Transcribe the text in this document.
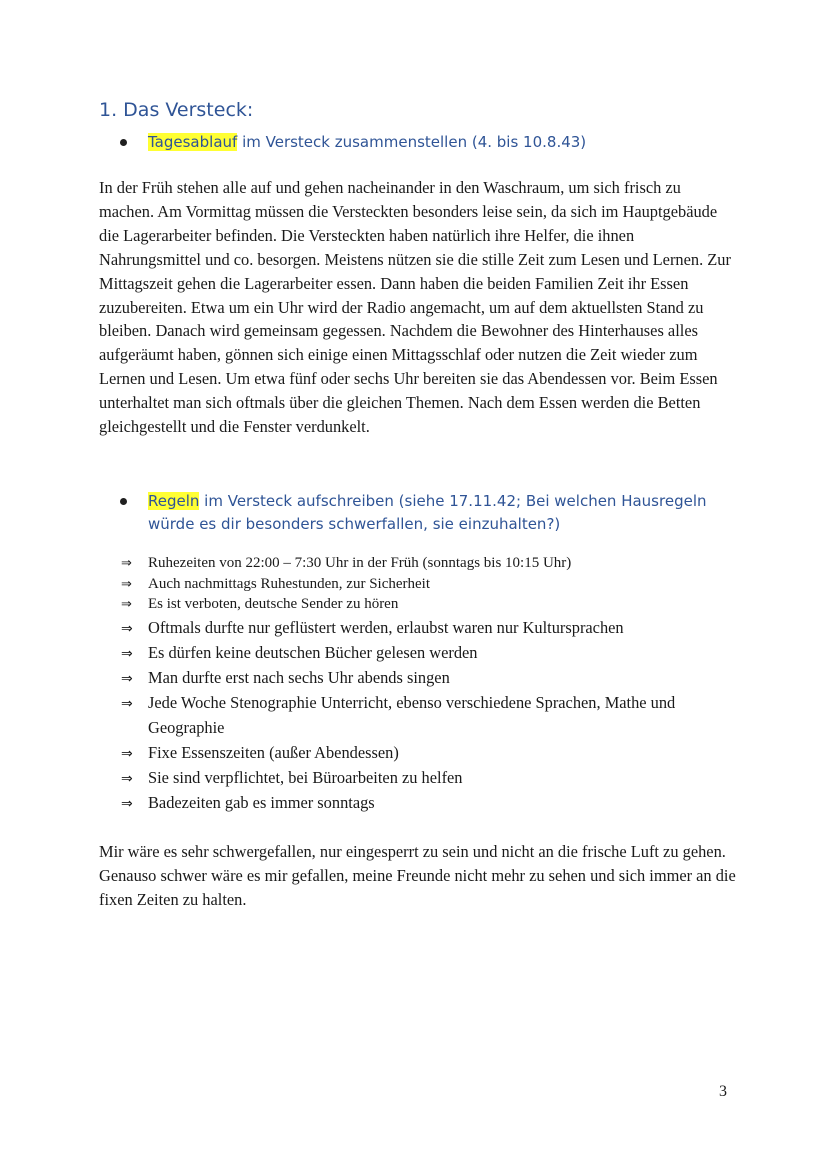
1. Das Versteck:
Tagesablauf im Versteck zusammenstellen (4. bis 10.8.43)

In der Früh stehen alle auf und gehen nacheinander in den Waschraum, um sich frisch zu machen. Am Vormittag müssen die Versteckten besonders leise sein, da sich im Hauptgebäude die Lagerarbeiter befinden. Die Versteckten haben natürlich ihre Helfer, die ihnen Nahrungsmittel und co. besorgen. Meistens nützen sie die stille Zeit zum Lesen und Lernen. Zur Mittagszeit gehen die Lagerarbeiter essen. Dann haben die beiden Familien Zeit ihr Essen zuzubereiten. Etwa um ein Uhr wird der Radio angemacht, um auf dem aktuellsten Stand zu bleiben. Danach wird gemeinsam gegessen. Nachdem die Bewohner des Hinterhauses alles aufgeräumt haben, gönnen sich einige einen Mittagsschlaf oder nutzen die Zeit wieder zum Lernen und Lesen. Um etwa fünf oder sechs Uhr bereiten sie das Abendessen vor. Beim Essen unterhaltet man sich oftmals über die gleichen Themen. Nach dem Essen werden die Betten gleichgestellt und die Fenster verdunkelt.

Regeln im Versteck aufschreiben (siehe 17.11.42; Bei welchen Hausregeln würde es dir besonders schwerfallen, sie einzuhalten?)
⇒ Ruhezeiten von 22:00 – 7:30 Uhr in der Früh (sonntags bis 10:15 Uhr)
⇒ Auch nachmittags Ruhestunden, zur Sicherheit
⇒ Es ist verboten, deutsche Sender zu hören
⇒ Oftmals durfte nur geflüstert werden, erlaubst waren nur Kultursprachen
⇒ Es dürfen keine deutschen Bücher gelesen werden
⇒ Man durfte erst nach sechs Uhr abends singen
⇒ Jede Woche Stenographie Unterricht, ebenso verschiedene Sprachen, Mathe und Geographie
⇒ Fixe Essenszeiten (außer Abendessen)
⇒ Sie sind verpflichtet, bei Büroarbeiten zu helfen
⇒ Badezeiten gab es immer sonntags

Mir wäre es sehr schwergefallen, nur eingesperrt zu sein und nicht an die frische Luft zu gehen. Genauso schwer wäre es mir gefallen, meine Freunde nicht mehr zu sehen und sich immer an die fixen Zeiten zu halten.

3
